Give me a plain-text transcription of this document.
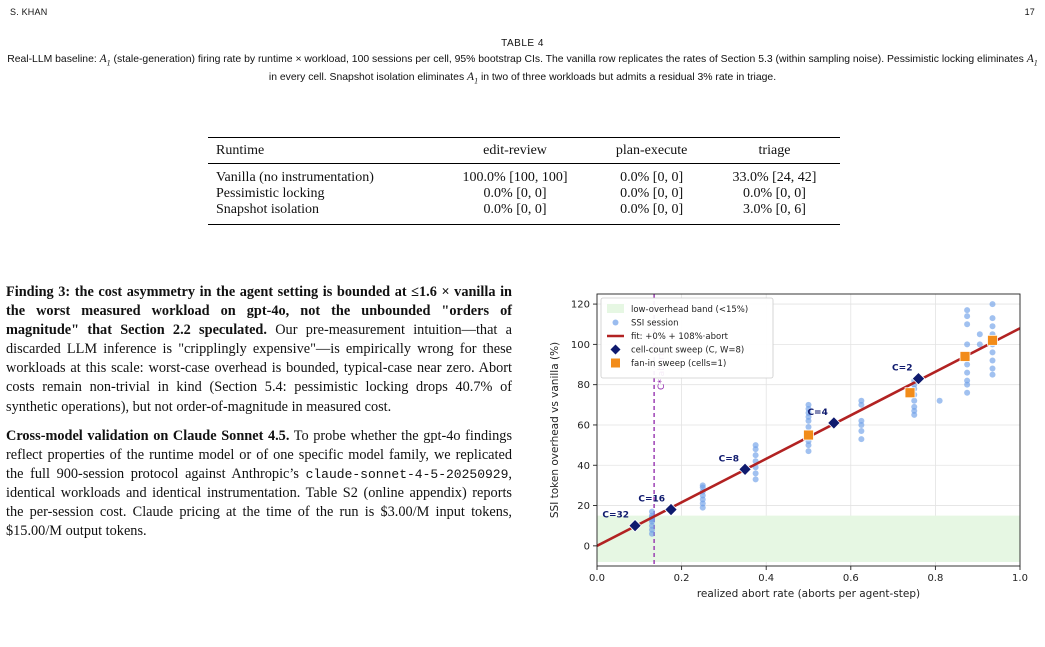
S. KHAN	17
TABLE 4
Real-LLM baseline: $A_1$ (stale-generation) firing rate by runtime × workload, 100 sessions per cell, 95% bootstrap CIs. The vanilla row replicates the rates of Section 5.3 (within sampling noise). Pessimistic locking eliminates $A_1$ in every cell. Snapshot isolation eliminates $A_1$ in two of three workloads but admits a residual 3% rate in triage.
Runtime	edit-review	plan-execute	triage
Vanilla (no instrumentation)	100.0% [100, 100]	0.0% [0, 0]	33.0% [24, 42]
Pessimistic locking	0.0% [0, 0]	0.0% [0, 0]	0.0% [0, 0]
Snapshot isolation	0.0% [0, 0]	0.0% [0, 0]	3.0% [0, 6]

Finding 3: the cost asymmetry in the agent setting is bounded at ≤1.6 × vanilla in the worst measured workload on gpt-4o, not the unbounded "orders of magnitude" that Section 2.2 speculated. Our pre-measurement intuition—that a discarded LLM inference is "cripplingly expensive"—is empirically wrong for these workloads at this scale: worst-case overhead is bounded, typical-case near zero. Abort costs remain non-trivial in kind (Section 5.4: pessimistic locking drops 40.7% of synthetic operations), but not order-of-magnitude in measured cost.

Cross-model validation on Claude Sonnet 4.5. To probe whether the gpt-4o findings reflect properties of the runtime model or of one specific model family, we replicated the full 900-session protocol against Anthropic’s claude-sonnet-4-5-20250929, identical workloads and identical instrumentation. Table S2 (online appendix) reports the per-session cost. Claude pricing at the time of the run is $3.00/M input tokens, $15.00/M output tokens.

C=32
C=16
C=8
C=4
C=2
0.0	0.2	0.4	0.6	0.8	1.0
0
20
40
60
80
100
120
realized abort rate (aborts per agent-step)
SSI token overhead vs vanilla (%)
low-overhead band (<15%)
SSI session
fit: +0% + 108%·abort
cell-count sweep (C, W=8)
fan-in sweep (cells=1)
